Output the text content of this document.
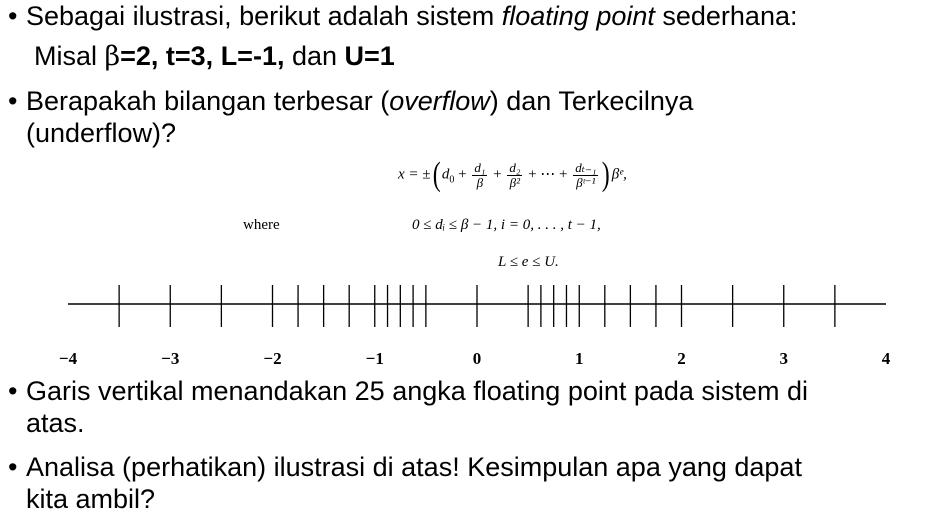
• Sebagai ilustrasi, berikut adalah sistem floating point sederhana:
Misal β=2, t=3, L=-1, dan U=1
• Berapakah bilangan terbesar (overflow) dan Terkecilnya
(underflow)?
x = ±( $d_0 + \frac{\text{d₁}}{\beta} + \frac{\text{d₂}}{\text{β²}}$ + ⋯ + $\frac{\text{dₜ₋₁}}{\text{βᵗ⁻¹}}$ ) βᵉ,
where	0 ≤ dᵢ ≤ β − 1, i = 0, . . . , t − 1,
L ≤ e ≤ U.
−4	−3	−2	−1	0	1	2	3	4
• Garis vertikal menandakan 25 angka floating point pada sistem di
atas.
• Analisa (perhatikan) ilustrasi di atas! Kesimpulan apa yang dapat
kita ambil?
